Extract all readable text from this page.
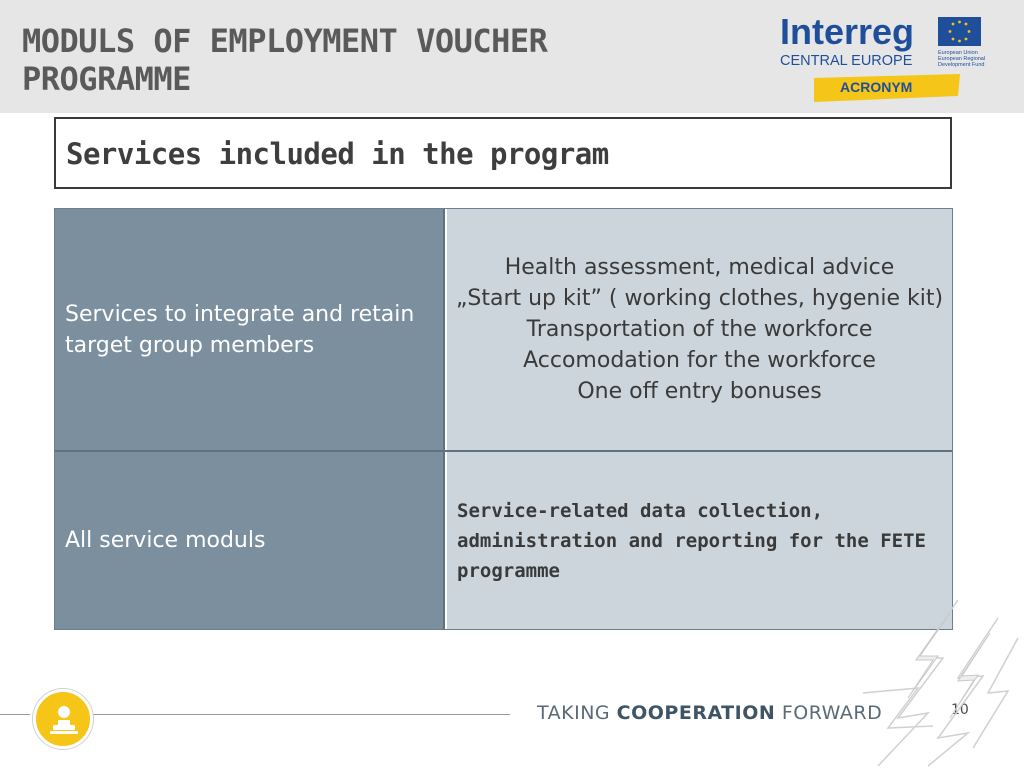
MODULS OF EMPLOYMENT VOUCHER
PROGRAMME
Interreg
CENTRAL EUROPE	European Union
European Regional
Development Fund
ACRONYM
Services included in the program
Services to integrate and retain target group members
Health assessment, medical advice
„Start up kit” ( working clothes, hygenie kit)
Transportation of the workforce
Accomodation for the workforce
One off entry bonuses
All service moduls
Service-related data collection, administration and reporting for the FETE programme
TAKING COOPERATION FORWARD	10
